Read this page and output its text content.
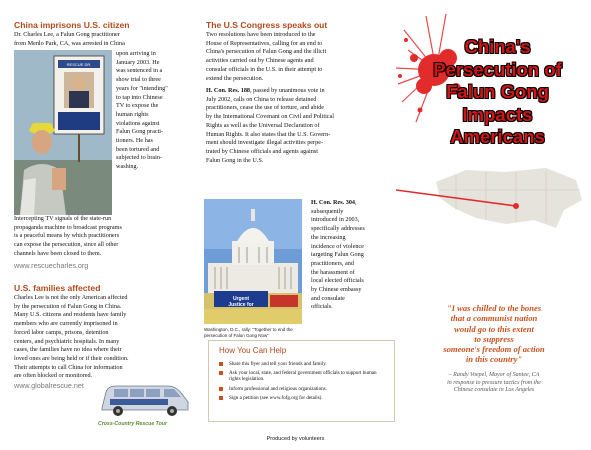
China imprisons U.S. citizen

Dr. Charles Lee, a Falun Gong practitioner

from Menlo Park, CA, was arrested in China

RESCUE DR.

upon arriving in

January 2003. He

was sentenced in a

show trial to three

years for "intending"

to tap into Chinese

TV to expose the

human rights

violations against

Falun Gong practi-

tioners. He has

been tortured and

subjected to brain-

washing.

Intercepting TV signals of the state-run

propaganda machine to broadcast programs

is a peaceful means by which practitioners

can expose the persecution, since all other

channels have been closed to them.

www.rescuecharles.org
U.S. families affected

Charles Lee is not the only American affected

by the persecution of Falun Gong in China.

Many U.S. citizens and residents have family

members who are currently imprisoned in

forced labor camps, prisons, detention

centers, and psychiatric hospitals. In many

cases, the families have no idea where their

loved ones are being held or if their condition.

Their attempts to call China for information

are often blocked or monitored.

www.globalrescue.net
Cross-Country Rescue Tour
The U.S Congress speaks out

Two resolutions have been introduced to the

House of Representatives, calling for an end to

China's persecution of Falun Gong and the illicit

activities carried out by Chinese agents and

consular officials in the U.S. in their attempt to

extend the persecution.

H. Con. Res. 188, passed by unanimous vote in

July 2002, calls on China to release detained

practitioners, cease the use of torture, and abide

by the International Covenant on Civil and Political

Rights as well as the Universal Declaration of

Human Rights. It also states that the U.S. Govern-

ment should investigate illegal activities perpe-

trated by Chinese officials and agents against

Falun Gong in the U.S.

Urgent
Justice for
Washington, D.C., rally: "Together to end the
persecution of Falun Gong Now"

H. Con. Res. 304,

subsequently

introduced in 2003,

specifically addresses

the increasing

incidence of violence

targeting Falun Gong

practitioners, and

the harassment of

local elected officials

by Chinese embassy

and consulate

officials.

How You Can Help
Share this flyer and tell your friends and family.
Ask your local, state, and federal government officials to support human rights legislation.
Inform professional and religious organizations.
Sign a petition (see www.fofg.org for details).
China's
Persecution of
Falun Gong
Impacts
Americans

"I was chilled to the bones

that a communist nation

would go to this extent

to suppress

someone's freedom of action

in this country"

– Randy Voepel, Mayor of Santee, CA

in response to pressure tactics from the

Chinese consulate in Los Angeles

Produced by volunteers
